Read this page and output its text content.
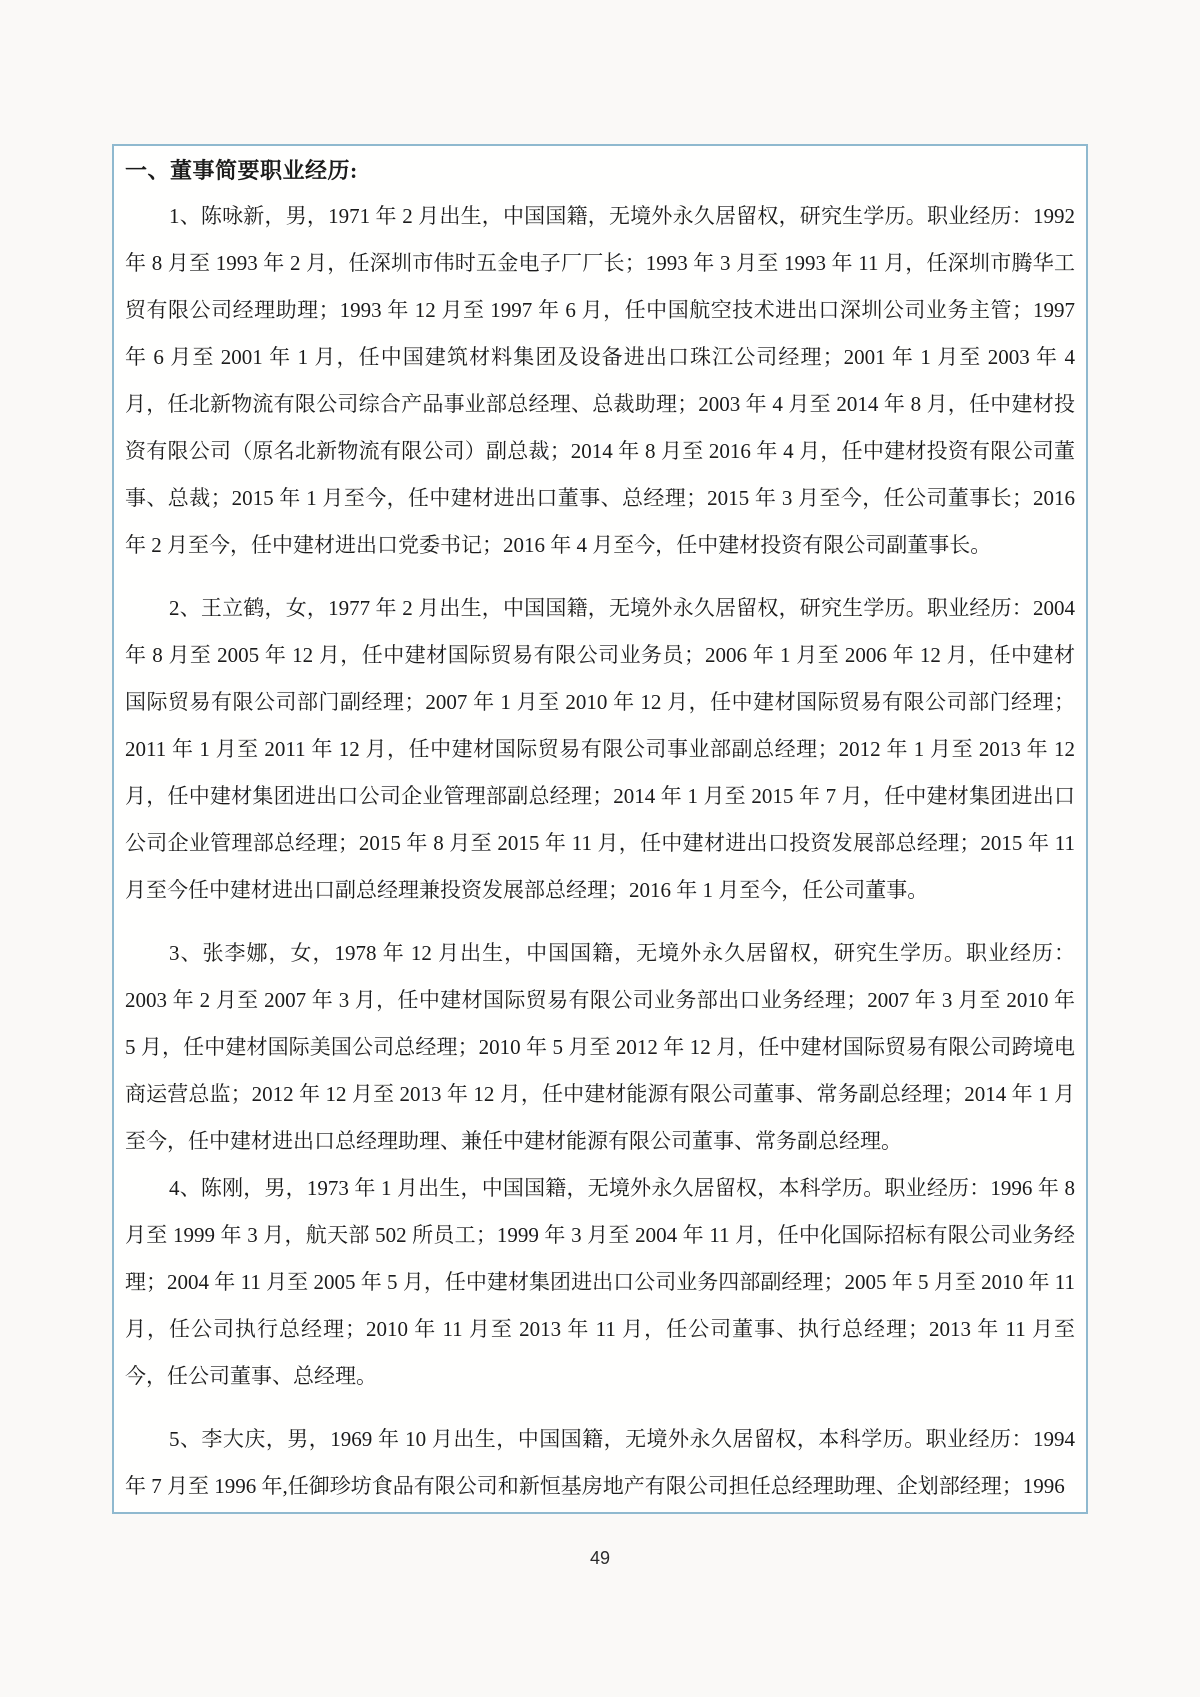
一、董事简要职业经历:

1、陈咏新，男，1971 年 2 月出生，中国国籍，无境外永久居留权，研究生学历。职业经历：1992 年 8 月至 1993 年 2 月，任深圳市伟时五金电子厂厂长；1993 年 3 月至 1993 年 11 月，任深圳市腾华工贸有限公司经理助理；1993 年 12 月至 1997 年 6 月，任中国航空技术进出口深圳公司业务主管；1997 年 6 月至 2001 年 1 月，任中国建筑材料集团及设备进出口珠江公司经理；2001 年 1 月至 2003 年 4 月，任北新物流有限公司综合产品事业部总经理、总裁助理；2003 年 4 月至 2014 年 8 月，任中建材投资有限公司（原名北新物流有限公司）副总裁；2014 年 8 月至 2016 年 4 月，任中建材投资有限公司董事、总裁；2015 年 1 月至今，任中建材进出口董事、总经理；2015 年 3 月至今，任公司董事长；2016 年 2 月至今，任中建材进出口党委书记；2016 年 4 月至今，任中建材投资有限公司副董事长。

2、王立鹤，女，1977 年 2 月出生，中国国籍，无境外永久居留权，研究生学历。职业经历：2004 年 8 月至 2005 年 12 月，任中建材国际贸易有限公司业务员；2006 年 1 月至 2006 年 12 月，任中建材国际贸易有限公司部门副经理；2007 年 1 月至 2010 年 12 月，任中建材国际贸易有限公司部门经理；2011 年 1 月至 2011 年 12 月，任中建材国际贸易有限公司事业部副总经理；2012 年 1 月至 2013 年 12 月，任中建材集团进出口公司企业管理部副总经理；2014 年 1 月至 2015 年 7 月，任中建材集团进出口公司企业管理部总经理；2015 年 8 月至 2015 年 11 月，任中建材进出口投资发展部总经理；2015 年 11 月至今任中建材进出口副总经理兼投资发展部总经理；2016 年 1 月至今，任公司董事。

3、张李娜，女，1978 年 12 月出生，中国国籍，无境外永久居留权，研究生学历。职业经历：2003 年 2 月至 2007 年 3 月，任中建材国际贸易有限公司业务部出口业务经理；2007 年 3 月至 2010 年 5 月，任中建材国际美国公司总经理；2010 年 5 月至 2012 年 12 月，任中建材国际贸易有限公司跨境电商运营总监；2012 年 12 月至 2013 年 12 月，任中建材能源有限公司董事、常务副总经理；2014 年 1 月至今，任中建材进出口总经理助理、兼任中建材能源有限公司董事、常务副总经理。

4、陈刚，男，1973 年 1 月出生，中国国籍，无境外永久居留权，本科学历。职业经历：1996 年 8 月至 1999 年 3 月，航天部 502 所员工；1999 年 3 月至 2004 年 11 月，任中化国际招标有限公司业务经理；2004 年 11 月至 2005 年 5 月，任中建材集团进出口公司业务四部副经理；2005 年 5 月至 2010 年 11 月，任公司执行总经理；2010 年 11 月至 2013 年 11 月，任公司董事、执行总经理；2013 年 11 月至今，任公司董事、总经理。

5、李大庆，男，1969 年 10 月出生，中国国籍，无境外永久居留权，本科学历。职业经历：1994 年 7 月至 1996 年,任御珍坊食品有限公司和新恒基房地产有限公司担任总经理助理、企划部经理；1996

49
